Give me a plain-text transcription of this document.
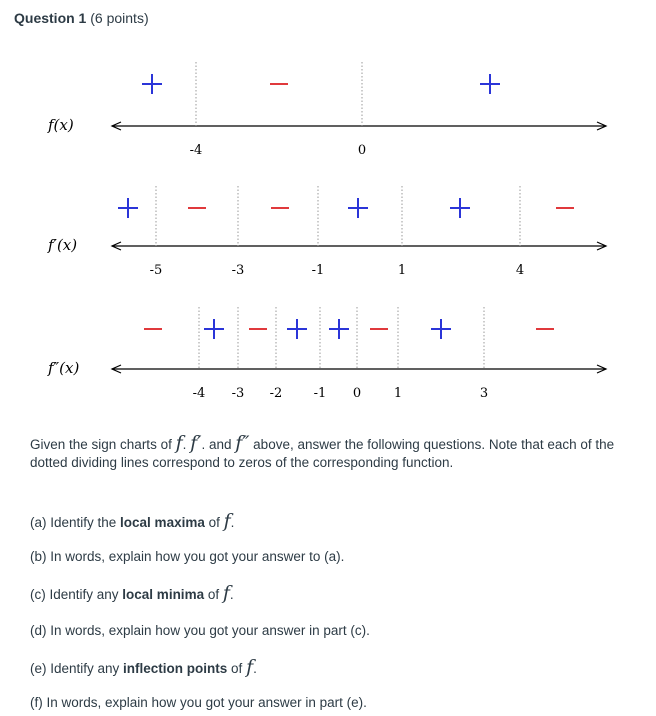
Question 1 (6 points)
f(x)
-4	0
f′(x)
-5	-3	-1	1	4
f″(x)
-4 -3 -2 -1 0	1	3
Given the sign charts of f. f′. and f″ above, answer the following questions. Note that each of the dotted dividing lines correspond to zeros of the corresponding function.
(a) Identify the local maxima of f.
(b) In words, explain how you got your answer to (a).
(c) Identify any local minima of f.
(d) In words, explain how you got your answer in part (c).
(e) Identify any inflection points of f.
(f) In words, explain how you got your answer in part (e).
